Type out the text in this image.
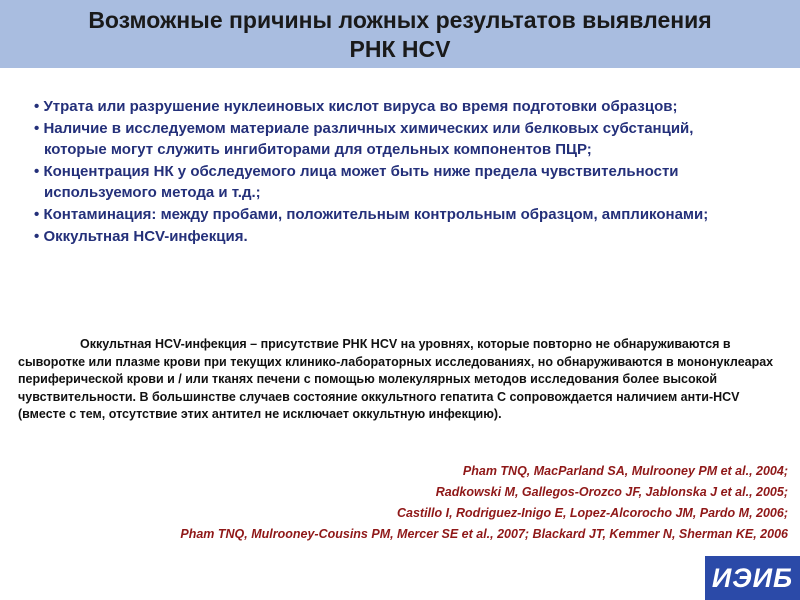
Возможные причины ложных результатов выявления
РНК HCV
• Утрата или разрушение нуклеиновых кислот вируса во время подготовки образцов;
• Наличие в исследуемом материале различных химических или белковых субстанций, которые могут служить ингибиторами для отдельных компонентов ПЦР;
• Концентрация НК у обследуемого лица может быть ниже предела чувствительности используемого метода и т.д.;
• Контаминация: между пробами, положительным контрольным образцом, ампликонами;
• Оккультная HCV-инфекция.

Оккультная HCV-инфекция – присутствие РНК HCV на уровнях, которые повторно не обнаруживаются в сыворотке или плазме крови при текущих клинико-лабораторных исследованиях, но обнаруживаются в мононуклеарах периферической крови и / или тканях печени с помощью молекулярных методов исследования более высокой чувствительности. В большинстве случаев состояние оккультного гепатита С сопровождается наличием анти-HCV (вместе с тем, отсутствие этих антител не исключает оккультную инфекцию).

Pham TNQ, MacParland SA, Mulrooney PM et al., 2004;
Radkowski M, Gallegos-Orozco JF, Jablonska J et al., 2005;
Castillo I, Rodriguez-Inigo E, Lopez-Alcorocho JM, Pardo M, 2006;
Pham TNQ, Mulrooney-Cousins PM, Mercer SE et al., 2007; Blackard JT, Kemmer N, Sherman KE, 2006
ИЭИБ
